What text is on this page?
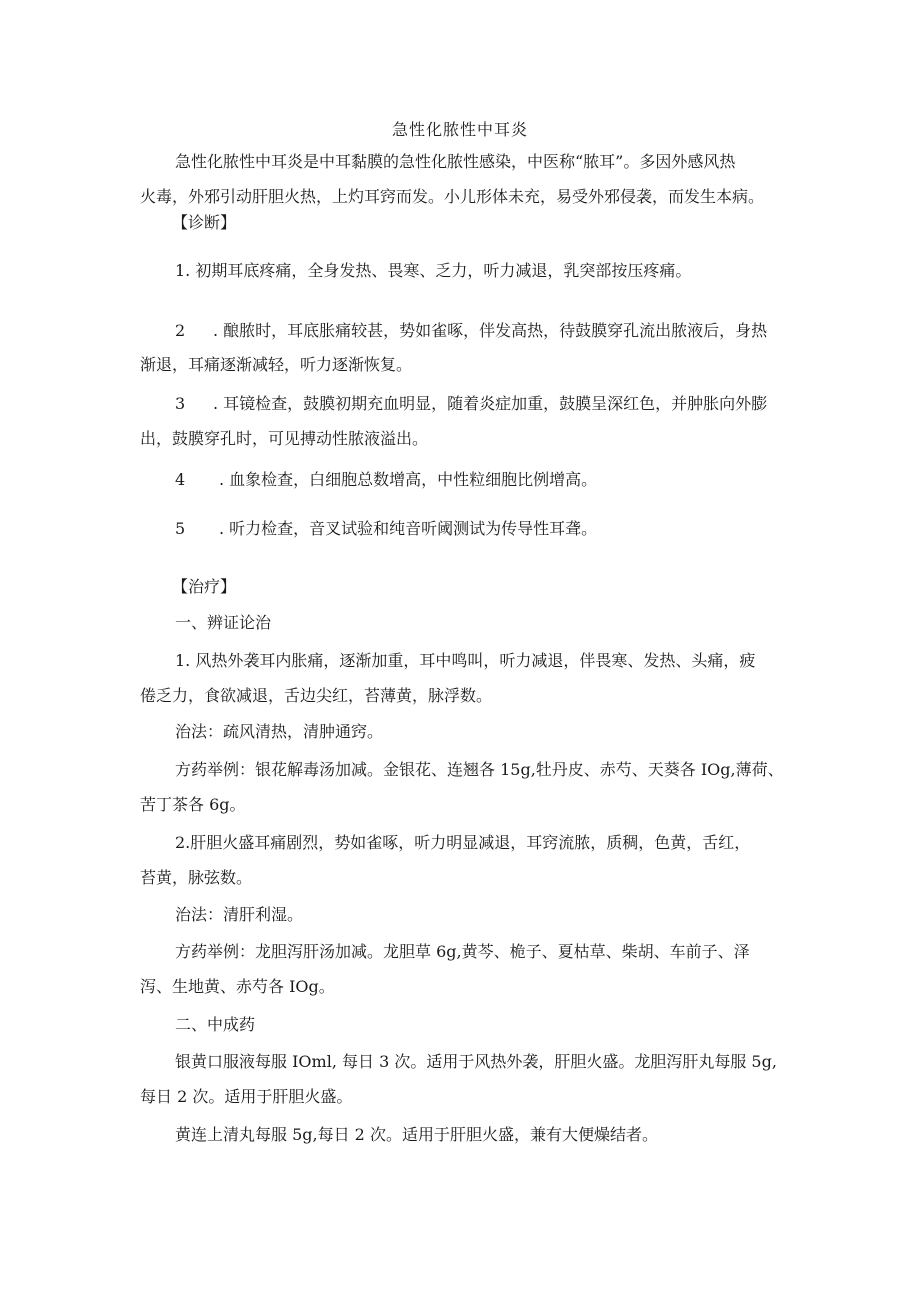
急性化脓性中耳炎
急性化脓性中耳炎是中耳黏膜的急性化脓性感染，中医称“脓耳”。多因外感风热
火毒，外邪引动肝胆火热，上灼耳窍而发。小儿形体未充，易受外邪侵袭，而发生本病。
【诊断】
1. 初期耳底疼痛，全身发热、畏寒、乏力，听力减退，乳突部按压疼痛。
2 . 酿脓时，耳底胀痛较甚，势如雀啄，伴发高热，待鼓膜穿孔流出脓液后，身热
渐退，耳痛逐渐减轻，听力逐渐恢复。
3 . 耳镜检查，鼓膜初期充血明显，随着炎症加重，鼓膜呈深红色，并肿胀向外膨
出，鼓膜穿孔时，可见搏动性脓液溢出。
4 . 血象检查，白细胞总数增高，中性粒细胞比例增高。
5 . 听力检查，音叉试验和纯音听阈测试为传导性耳聋。
【治疗】
一、辨证论治
1. 风热外袭耳内胀痛，逐渐加重，耳中鸣叫，听力减退，伴畏寒、发热、头痛，疲
倦乏力，食欲减退，舌边尖红，苔薄黄，脉浮数。
治法：疏风清热，清肿通窍。
方药举例：银花解毒汤加减。金银花、连翘各 15g,牡丹皮、赤芍、天葵各 IOg,薄荷、
苦丁茶各 6g。
2.肝胆火盛耳痛剧烈，势如雀啄，听力明显减退，耳窍流脓，质稠，色黄，舌红，
苔黄，脉弦数。
治法：清肝利湿。
方药举例：龙胆泻肝汤加减。龙胆草 6g,黄芩、桅子、夏枯草、柴胡、车前子、泽
泻、生地黄、赤芍各 IOg。
二、中成药
银黄口服液每服 IOml, 每日 3 次。适用于风热外袭，肝胆火盛。龙胆泻肝丸每服 5g,
每日 2 次。适用于肝胆火盛。
黄连上清丸每服 5g,每日 2 次。适用于肝胆火盛，兼有大便燥结者。
